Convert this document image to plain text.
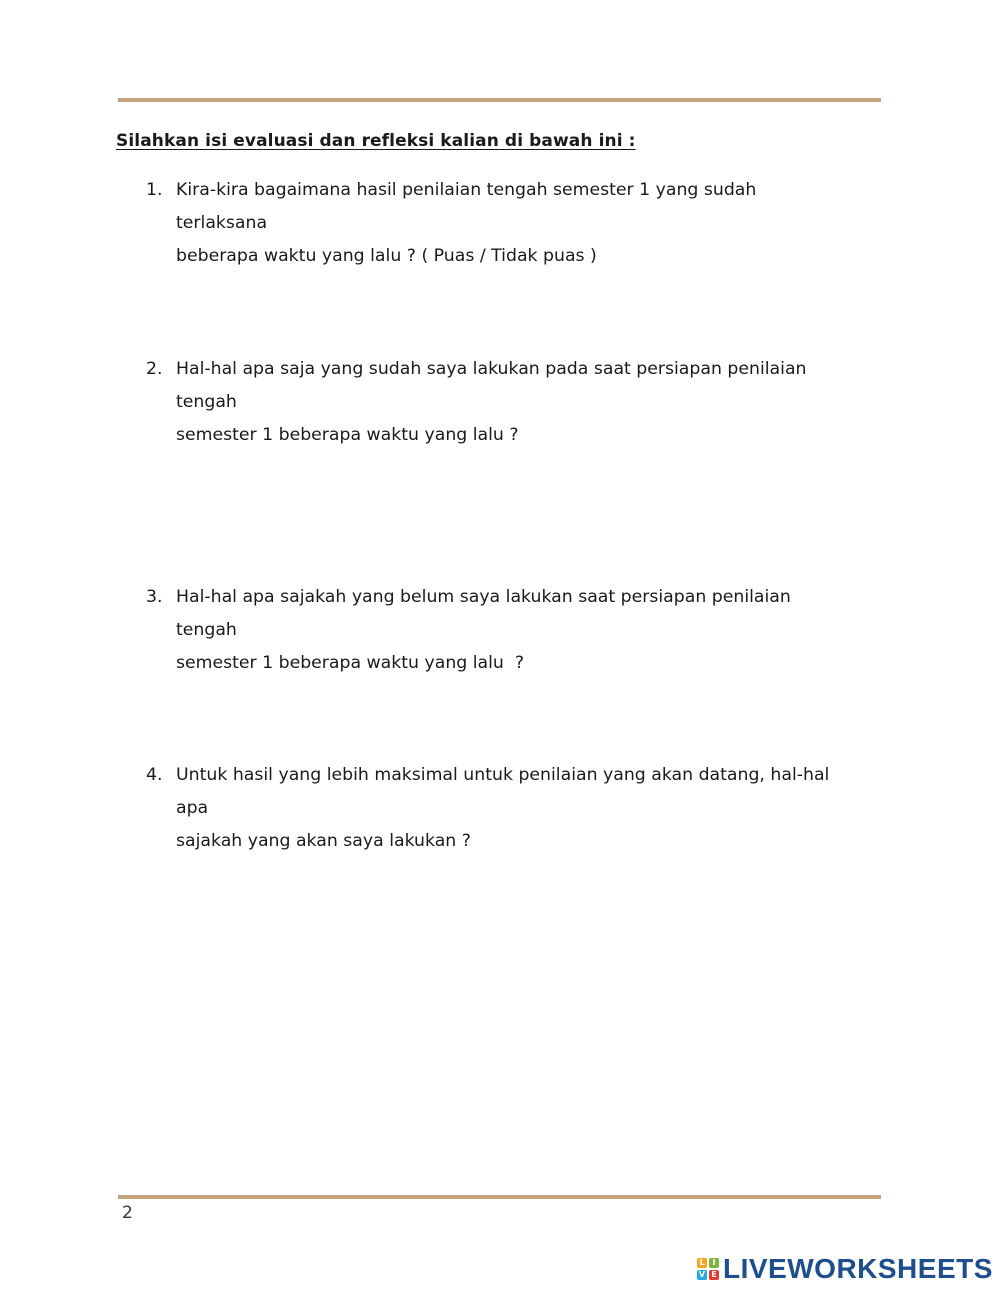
Silahkan isi evaluasi dan refleksi kalian di bawah ini :
1. Kira-kira bagaimana hasil penilaian tengah semester 1 yang sudah terlaksana
beberapa waktu yang lalu ? ( Puas / Tidak puas )
2. Hal-hal apa saja yang sudah saya lakukan pada saat persiapan penilaian tengah
semester 1 beberapa waktu yang lalu ?
3. Hal-hal apa sajakah yang belum saya lakukan saat persiapan penilaian tengah
semester 1 beberapa waktu yang lalu  ?
4. Untuk hasil yang lebih maksimal untuk penilaian yang akan datang, hal-hal apa
sajakah yang akan saya lakukan ?
2
L I
V E LIVEWORKSHEETS
